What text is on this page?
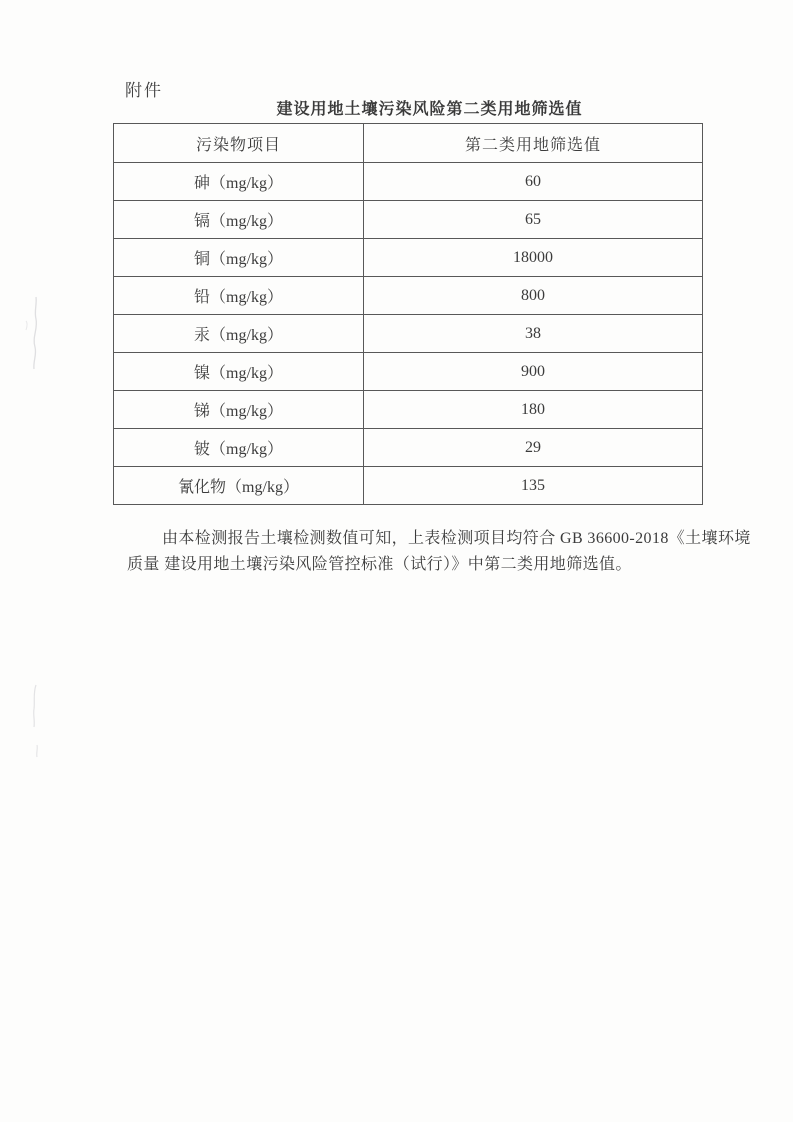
附件
建设用地土壤污染风险第二类用地筛选值
污染物项目	第二类用地筛选值
砷（mg/kg）	60
镉（mg/kg）	65
铜（mg/kg）	18000
铅（mg/kg）	800
汞（mg/kg）	38
镍（mg/kg）	900
锑（mg/kg）	180
铍（mg/kg）	29
氰化物（mg/kg）	135
由本检测报告土壤检测数值可知，上表检测项目均符合 GB 36600-2018《土壤环境
质量 建设用地土壤污染风险管控标准（试行）》中第二类用地筛选值。
